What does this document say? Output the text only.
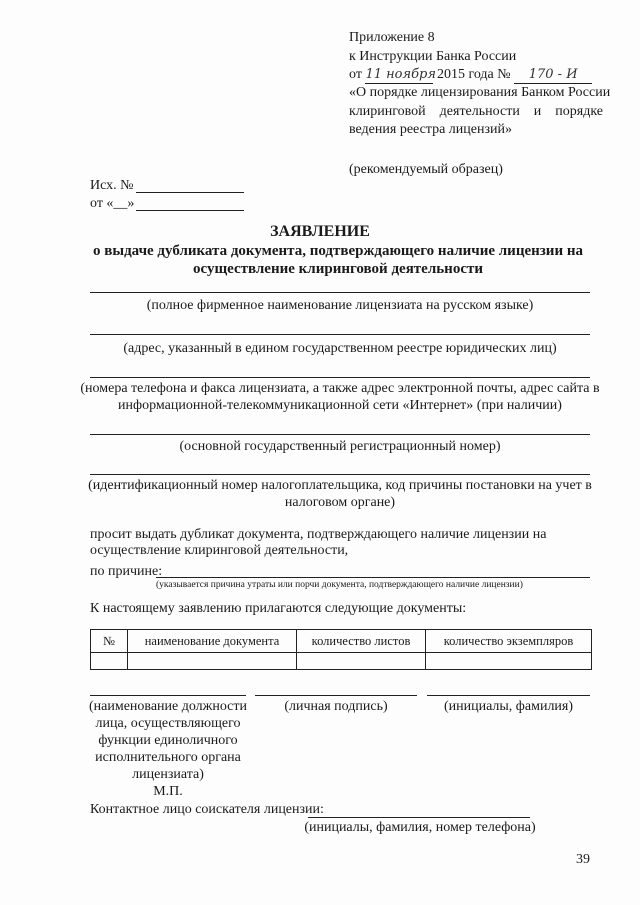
Приложение 8
к Инструкции Банка России
от 11 ноября 2015 года № 170 - И
«О порядке лицензирования Банком России
клиринговой    деятельности    и    порядке
ведения реестра лицензий»
(рекомендуемый образец)
Исх. №
от «__»
ЗАЯВЛЕНИЕ
о выдаче дубликата документа, подтверждающего наличие лицензии на
осуществление клиринговой деятельности
(полное фирменное наименование лицензиата на русском языке)
(адрес, указанный в едином государственном реестре юридических лиц)
(номера телефона и факса лицензиата, а также адрес электронной почты, адрес сайта в
информационной-телекоммуникационной сети «Интернет» (при наличии)
(основной государственный регистрационный номер)
(идентификационный номер налогоплательщика, код причины постановки на учет в
налоговом органе)
просит выдать дубликат документа, подтверждающего наличие лицензии на
осуществление клиринговой деятельности,
по причине:
(указывается причина утраты или порчи документа, подтверждающего наличие лицензии)
К настоящему заявлению прилагаются следующие документы:
№	наименование документа	количество листов	количество экземпляров

(наименование должности
лица, осуществляющего
функции единоличного
исполнительного органа
лицензиата)
М.П.
(личная подпись)	(инициалы, фамилия)
Контактное лицо соискателя лицензии:
(инициалы, фамилия, номер телефона)
39
